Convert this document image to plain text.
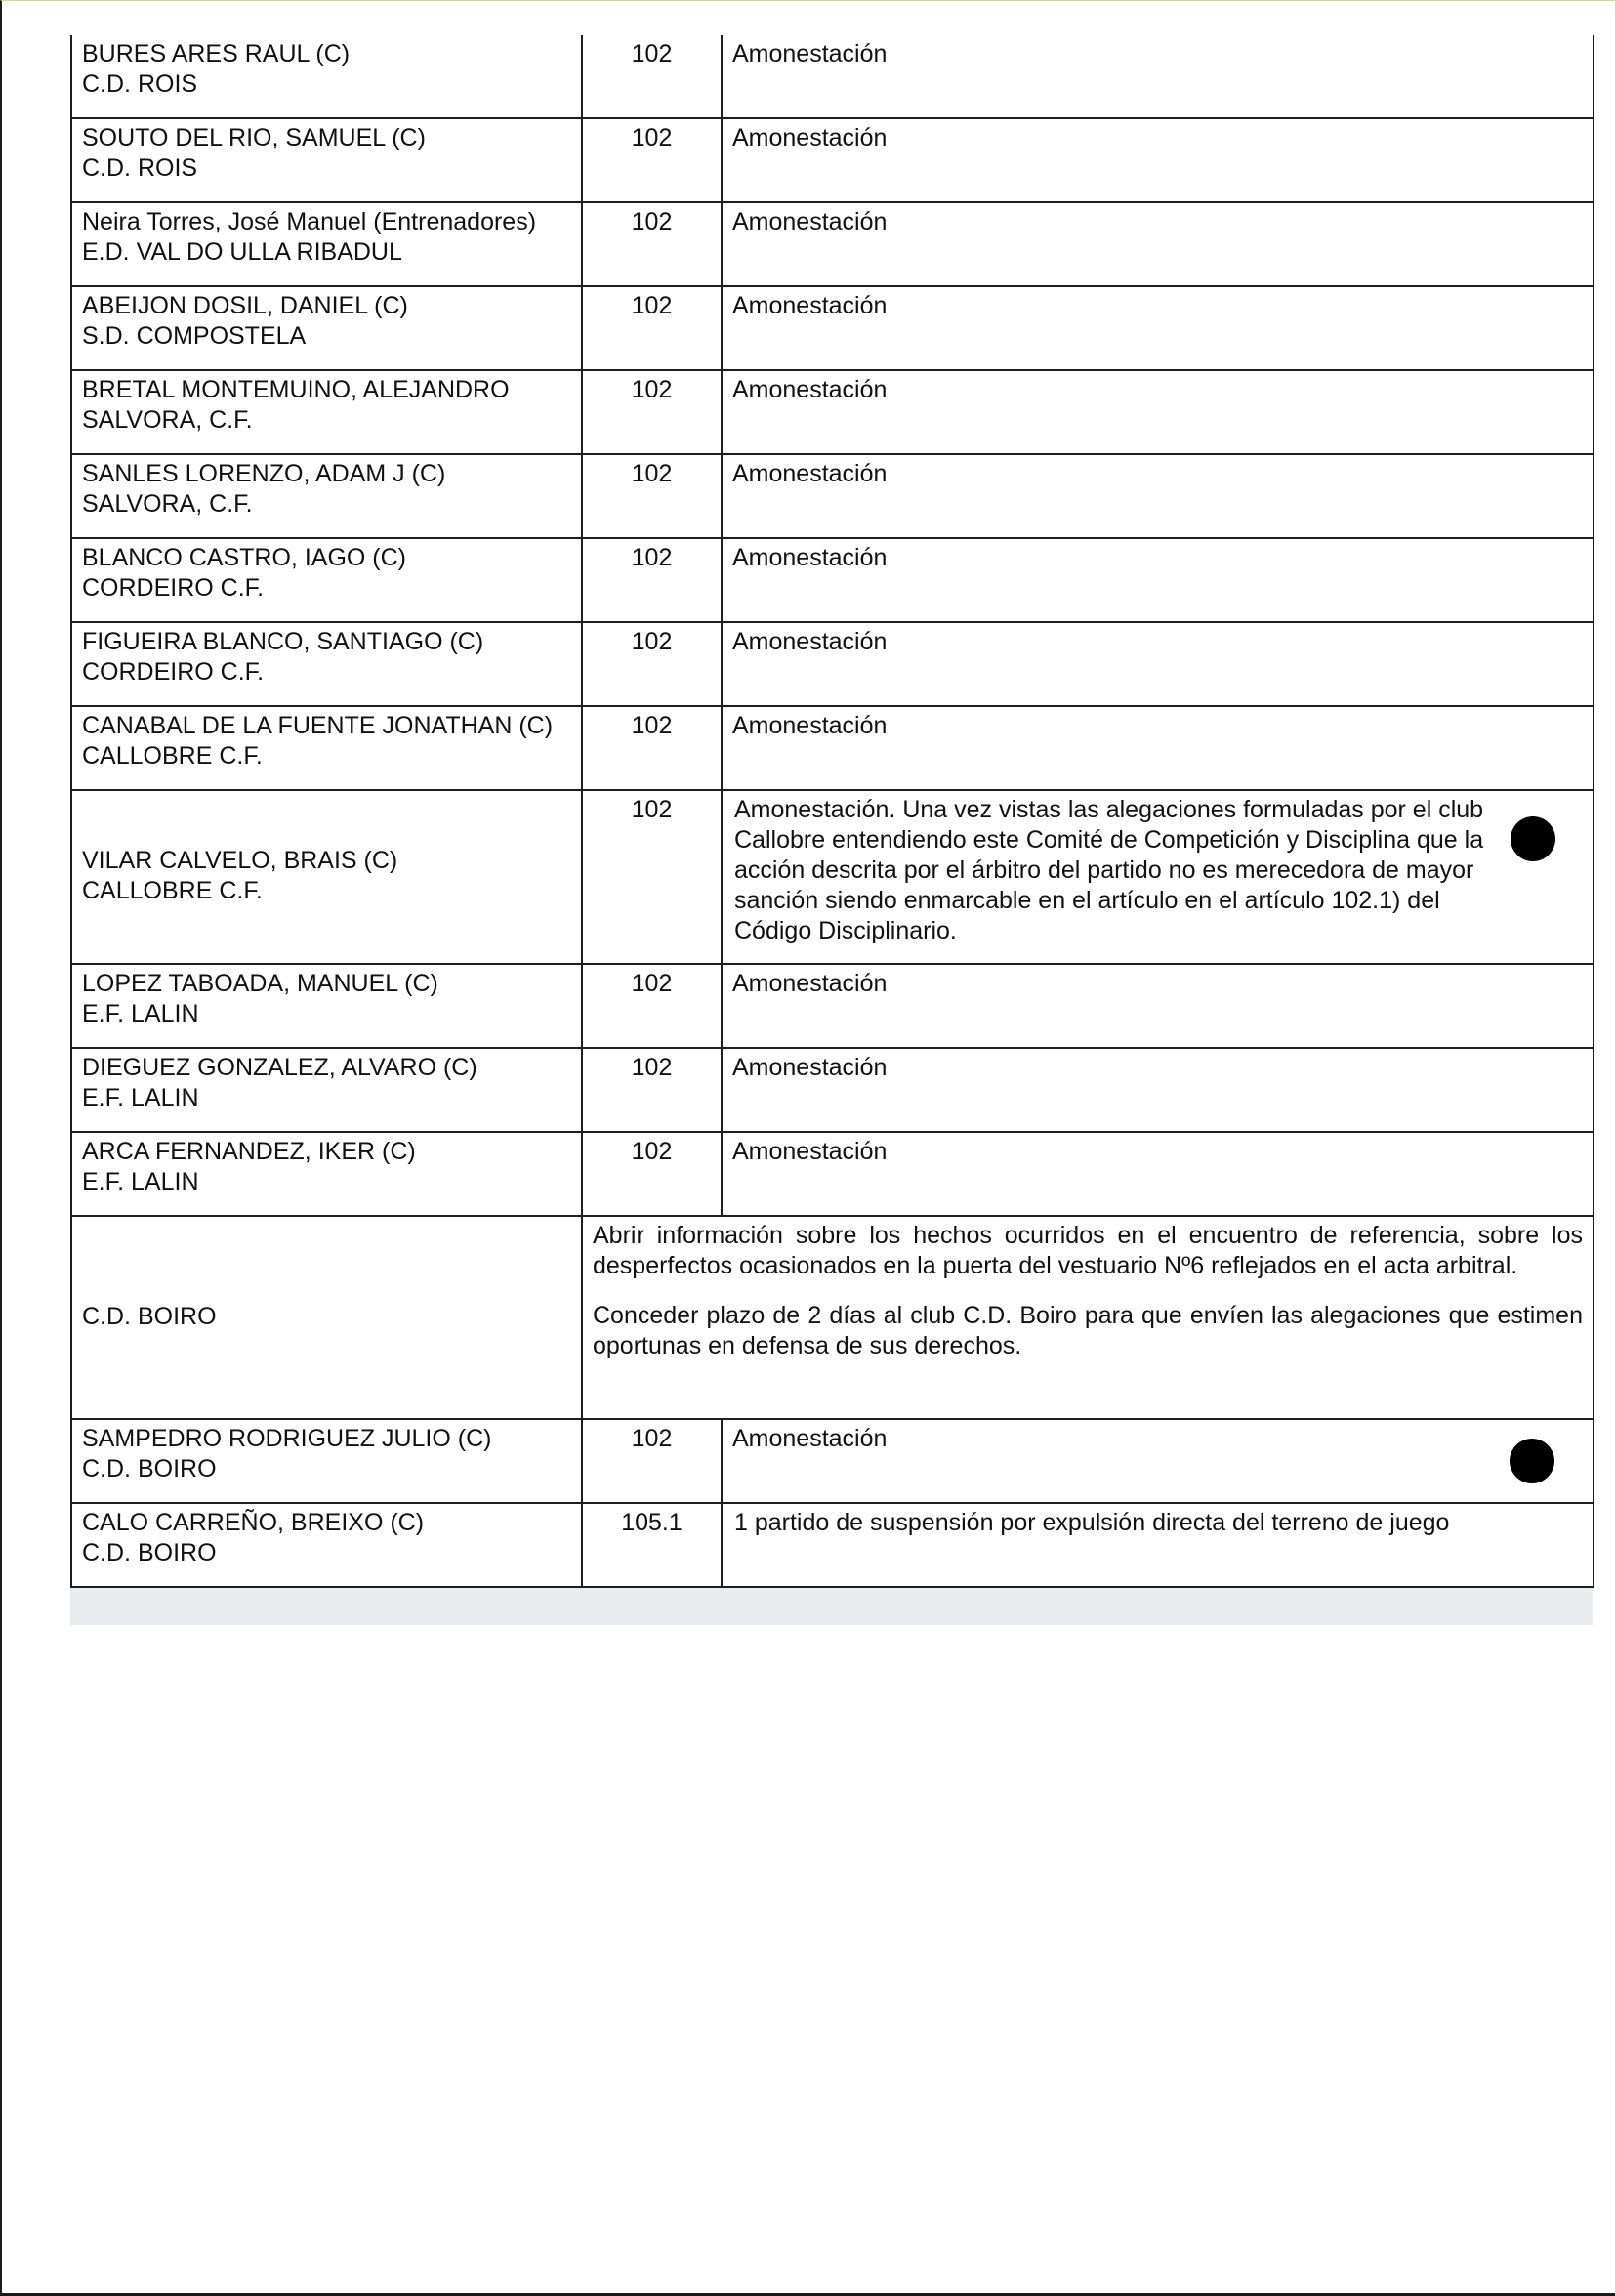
BURES ARES RAUL (C)
C.D. ROIS	102	Amonestación

SOUTO DEL RIO, SAMUEL (C)
C.D. ROIS	102	Amonestación

Neira Torres, José Manuel (Entrenadores)
E.D. VAL DO ULLA RIBADUL	102	Amonestación

ABEIJON DOSIL, DANIEL (C)
S.D. COMPOSTELA	102	Amonestación

BRETAL MONTEMUINO, ALEJANDRO
SALVORA, C.F.	102	Amonestación

SANLES LORENZO, ADAM J (C)
SALVORA, C.F.	102	Amonestación

BLANCO CASTRO, IAGO (C)
CORDEIRO C.F.	102	Amonestación

FIGUEIRA BLANCO, SANTIAGO (C)
CORDEIRO C.F.	102	Amonestación

CANABAL DE LA FUENTE JONATHAN (C)
CALLOBRE C.F.	102	Amonestación

VILAR CALVELO, BRAIS (C)
CALLOBRE C.F.	102	Amonestación. Una vez vistas las alegaciones formuladas por el club
Callobre entendiendo este Comité de Competición y Disciplina que la
acción descrita por el árbitro del partido no es merecedora de mayor
sanción siendo enmarcable en el artículo en el artículo 102.1) del
Código Disciplinario.

LOPEZ TABOADA, MANUEL (C)
E.F. LALIN	102	Amonestación

DIEGUEZ GONZALEZ, ALVARO (C)
E.F. LALIN	102	Amonestación

ARCA FERNANDEZ, IKER (C)
E.F. LALIN	102	Amonestación

C.D. BOIRO	Abrir información sobre los hechos ocurridos en el encuentro de referencia, sobre los desperfectos ocasionados en la puerta del vestuario Nº6 reflejados en el acta arbitral.
Conceder plazo de 2 días al club C.D. Boiro para que envíen las alegaciones que estimen oportunas en defensa de sus derechos.	

SAMPEDRO RODRIGUEZ JULIO (C)
C.D. BOIRO	102	Amonestación

CALO CARREÑO, BREIXO (C)
C.D. BOIRO	105.1	1 partido de suspensión por expulsión directa del terreno de juego
